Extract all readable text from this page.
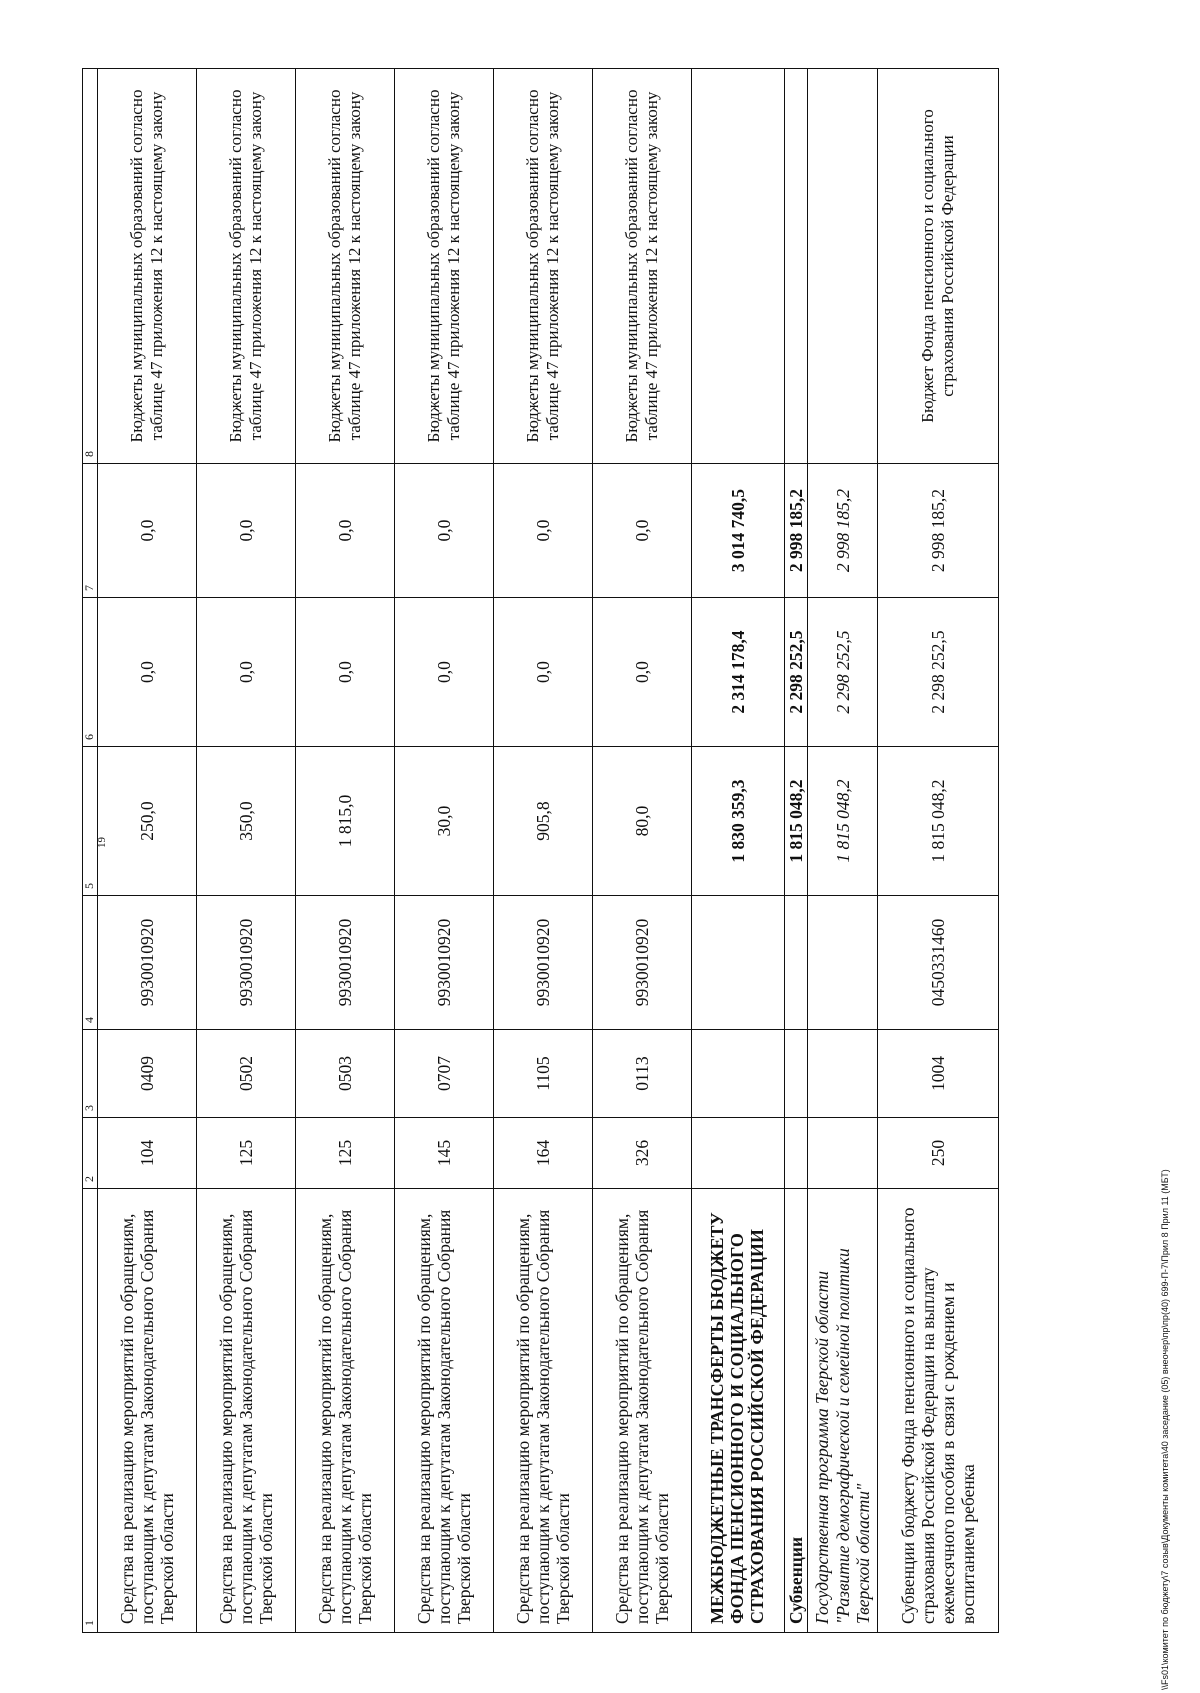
19
1	2	3	4	5	6	7	8
Средства на реализацию мероприятий по обращениям, поступающим к депутатам Законодательного Собрания Тверской области	104	0409	9930010920	250,0	0,0	0,0	Бюджеты муниципальных образований согласно таблице 47 приложения 12 к настоящему закону
Средства на реализацию мероприятий по обращениям, поступающим к депутатам Законодательного Собрания Тверской области	125	0502	9930010920	350,0	0,0	0,0	Бюджеты муниципальных образований согласно таблице 47 приложения 12 к настоящему закону
Средства на реализацию мероприятий по обращениям, поступающим к депутатам Законодательного Собрания Тверской области	125	0503	9930010920	1 815,0	0,0	0,0	Бюджеты муниципальных образований согласно таблице 47 приложения 12 к настоящему закону
Средства на реализацию мероприятий по обращениям, поступающим к депутатам Законодательного Собрания Тверской области	145	0707	9930010920	30,0	0,0	0,0	Бюджеты муниципальных образований согласно таблице 47 приложения 12 к настоящему закону
Средства на реализацию мероприятий по обращениям, поступающим к депутатам Законодательного Собрания Тверской области	164	1105	9930010920	905,8	0,0	0,0	Бюджеты муниципальных образований согласно таблице 47 приложения 12 к настоящему закону
Средства на реализацию мероприятий по обращениям, поступающим к депутатам Законодательного Собрания Тверской области	326	0113	9930010920	80,0	0,0	0,0	Бюджеты муниципальных образований согласно таблице 47 приложения 12 к настоящему закону
МЕЖБЮДЖЕТНЫЕ ТРАНСФЕРТЫ БЮДЖЕТУ ФОНДА ПЕНСИОННОГО И СОЦИАЛЬНОГО СТРАХОВАНИЯ РОССИЙСКОЙ ФЕДЕРАЦИИ				1 830 359,3	2 314 178,4	3 014 740,5	
Субвенции				1 815 048,2	2 298 252,5	2 998 185,2	
Государственная программа Тверской области "Развитие демографической и семейной политики Тверской области"				1 815 048,2	2 298 252,5	2 998 185,2	
Субвенции бюджету Фонда пенсионного и социального страхования Российской Федерации на выплату ежемесячного пособия в связи с рождением и воспитанием ребенка	250	1004	0450331460	1 815 048,2	2 298 252,5	2 998 185,2	Бюджет Фонда пенсионного и социального страхования Российской Федерации
\\Fs01\комитет по бюджету\7 созыв\Документы комитета\40 заседание (05) внеочер\пр\пр(40) 699-П-7\Прил 8 Прил 11 (МБТ)
